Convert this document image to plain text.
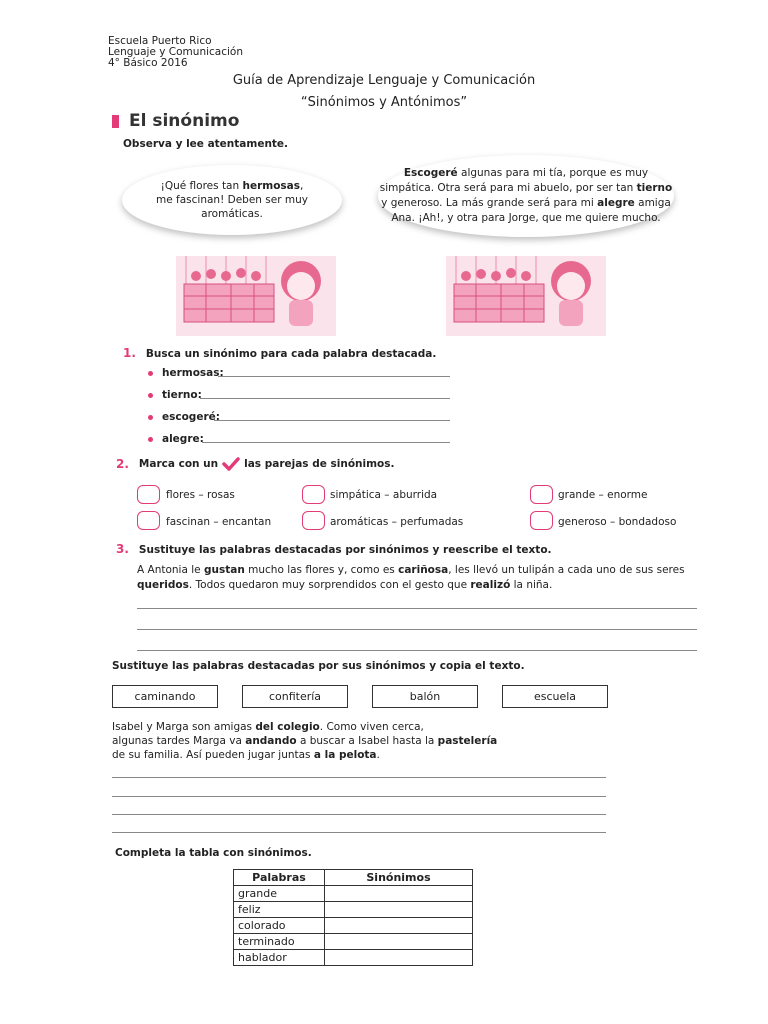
Escuela Puerto Rico
Lenguaje y Comunicación
4° Básico 2016
Guía de Aprendizaje Lenguaje y Comunicación
“Sinónimos y Antónimos”
El sinónimo
Observa y lee atentamente.
¡Qué flores tan hermosas,
me fascinan! Deben ser muy
aromáticas.
Escogeré algunas para mi tía, porque es muy
simpática. Otra será para mi abuelo, por ser tan tierno
y generoso. La más grande será para mi alegre amiga
Ana. ¡Ah!, y otra para Jorge, que me quiere mucho.
1. Busca un sinónimo para cada palabra destacada.
hermosas:
tierno:
escogeré:
alegre:
2. Marca con un las parejas de sinónimos.
flores – rosas	simpática – aburrida	grande – enorme
fascinan – encantan	aromáticas – perfumadas	generoso – bondadoso
3. Sustituye las palabras destacadas por sinónimos y reescribe el texto.
A Antonia le gustan mucho las flores y, como es cariñosa, les llevó un tulipán a cada uno de sus seres
queridos. Todos quedaron muy sorprendidos con el gesto que realizó la niña.
Sustituye las palabras destacadas por sus sinónimos y copia el texto.
caminando	confitería	balón	escuela
Isabel y Marga son amigas del colegio. Como viven cerca,
algunas tardes Marga va andando a buscar a Isabel hasta la pastelería
de su familia. Así pueden jugar juntas a la pelota.
Completa la tabla con sinónimos.
Palabras	Sinónimos
grande	
feliz	
colorado	
terminado	
hablador	
